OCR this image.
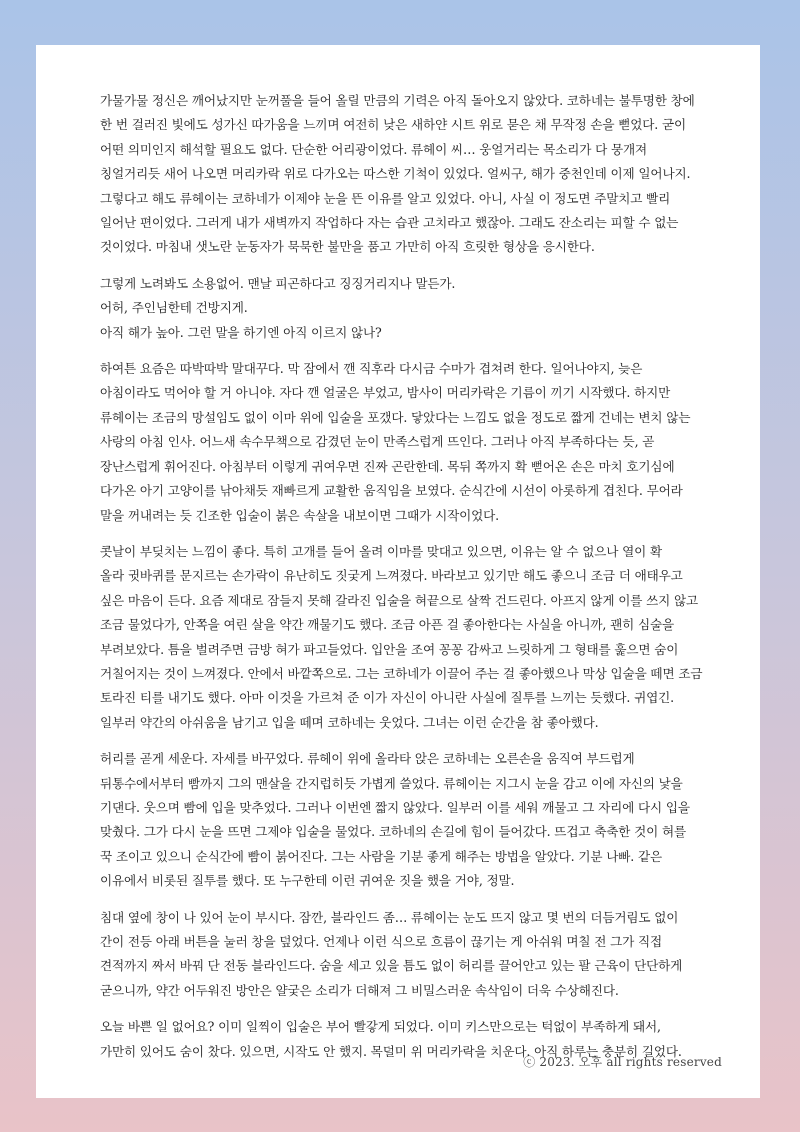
가물가물 정신은 깨어났지만 눈꺼풀을 들어 올릴 만큼의 기력은 아직 돌아오지 않았다. 코하네는 불투명한 창에
한 번 걸러진 빛에도 성가신 따가움을 느끼며 여전히 낮은 새하얀 시트 위로 묻은 채 무작정 손을 뻗었다. 굳이
어떤 의미인지 해석할 필요도 없다. 단순한 어리광이었다. 류헤이 씨… 웅얼거리는 목소리가 다 뭉개져
칭얼거리듯 새어 나오면 머리카락 위로 다가오는 따스한 기척이 있었다. 얼씨구, 해가 중천인데 이제 일어나지.
그렇다고 해도 류헤이는 코하네가 이제야 눈을 뜬 이유를 알고 있었다. 아니, 사실 이 정도면 주말치고 빨리
일어난 편이었다. 그러게 내가 새벽까지 작업하다 자는 습관 고치라고 했잖아. 그래도 잔소리는 피할 수 없는
것이었다. 마침내 샛노란 눈동자가 묵묵한 불만을 품고 가만히 아직 흐릿한 형상을 응시한다.
그렇게 노려봐도 소용없어. 맨날 피곤하다고 징징거리지나 말든가.
어허, 주인님한테 건방지게.
아직 해가 높아. 그런 말을 하기엔 아직 이르지 않나?
하여튼 요즘은 따박따박 말대꾸다. 막 잠에서 깬 직후라 다시금 수마가 겹쳐려 한다. 일어나야지, 늦은
아침이라도 먹어야 할 거 아니야. 자다 깬 얼굴은 부었고, 밤사이 머리카락은 기름이 끼기 시작했다. 하지만
류헤이는 조금의 망설임도 없이 이마 위에 입술을 포갰다. 닿았다는 느낌도 없을 정도로 짧게 건네는 변치 않는
사랑의 아침 인사. 어느새 속수무책으로 감겼던 눈이 만족스럽게 뜨인다. 그러나 아직 부족하다는 듯, 곧
장난스럽게 휘어진다. 아침부터 이렇게 귀여우면 진짜 곤란한데. 목뒤 쪽까지 확 뻗어온 손은 마치 호기심에
다가온 아기 고양이를 낚아채듯 재빠르게 교활한 움직임을 보였다. 순식간에 시선이 아롯하게 겹친다. 무어라
말을 꺼내려는 듯 긴조한 입술이 붉은 속살을 내보이면 그때가 시작이었다.
콧날이 부딪치는 느낌이 좋다. 특히 고개를 들어 올려 이마를 맞대고 있으면, 이유는 알 수 없으나 열이 확
올라 귓바퀴를 문지르는 손가락이 유난히도 짓궂게 느껴졌다. 바라보고 있기만 해도 좋으니 조금 더 애태우고
싶은 마음이 든다. 요즘 제대로 잠들지 못해 갈라진 입술을 혀끝으로 살짝 건드린다. 아프지 않게 이를 쓰지 않고
조금 물었다가, 안쪽을 여린 살을 약간 깨물기도 했다. 조금 아픈 걸 좋아한다는 사실을 아니까, 괜히 심술을
부려보았다. 틈을 벌려주면 금방 혀가 파고들었다. 입안을 조여 꽁꽁 감싸고 느릿하게 그 형태를 훑으면 숨이
거칠어지는 것이 느껴졌다. 안에서 바깥쪽으로. 그는 코하네가 이끌어 주는 걸 좋아했으나 막상 입술을 떼면 조금
토라진 티를 내기도 했다. 아마 이것을 가르쳐 준 이가 자신이 아니란 사실에 질투를 느끼는 듯했다. 귀엽긴.
일부러 약간의 아쉬움을 남기고 입을 떼며 코하네는 웃었다. 그녀는 이런 순간을 참 좋아했다.
허리를 곧게 세운다. 자세를 바꾸었다. 류헤이 위에 올라타 앉은 코하네는 오른손을 움직여 부드럽게
뒤통수에서부터 빰까지 그의 맨살을 간지럽히듯 가볍게 쓸었다. 류헤이는 지그시 눈을 감고 이에 자신의 낯을
기댄다. 웃으며 빰에 입을 맞추었다. 그러나 이번엔 짧지 않았다. 일부러 이를 세워 깨물고 그 자리에 다시 입을
맞췄다. 그가 다시 눈을 뜨면 그제야 입술을 물었다. 코하네의 손길에 힘이 들어갔다. 뜨겁고 축축한 것이 혀를
꾹 조이고 있으니 순식간에 빰이 붉어진다. 그는 사람을 기분 좋게 해주는 방법을 알았다. 기분 나빠. 같은
이유에서 비롯된 질투를 했다. 또 누구한테 이런 귀여운 짓을 했을 거야, 정말.
침대 옆에 창이 나 있어 눈이 부시다. 잠깐, 블라인드 좀… 류헤이는 눈도 뜨지 않고 몇 번의 더듬거림도 없이
간이 전등 아래 버튼을 눌러 창을 덮었다. 언제나 이런 식으로 흐름이 끊기는 게 아쉬워 며칠 전 그가 직접
견적까지 짜서 바꿔 단 전동 블라인드다. 숨을 세고 있을 틈도 없이 허리를 끌어안고 있는 팔 근육이 단단하게
굳으니까, 약간 어두워진 방안은 얄궂은 소리가 더해져 그 비밀스러운 속삭임이 더욱 수상해진다.
오늘 바쁜 일 없어요? 이미 일찍이 입술은 부어 빨갛게 되었다. 이미 키스만으로는 턱없이 부족하게 돼서,
가만히 있어도 숨이 찼다. 있으면, 시작도 안 했지. 목덜미 위 머리카락을 치운다. 아직 하루는 충분히 길었다.
ⓒ 2023. 오후 all rights reserved
